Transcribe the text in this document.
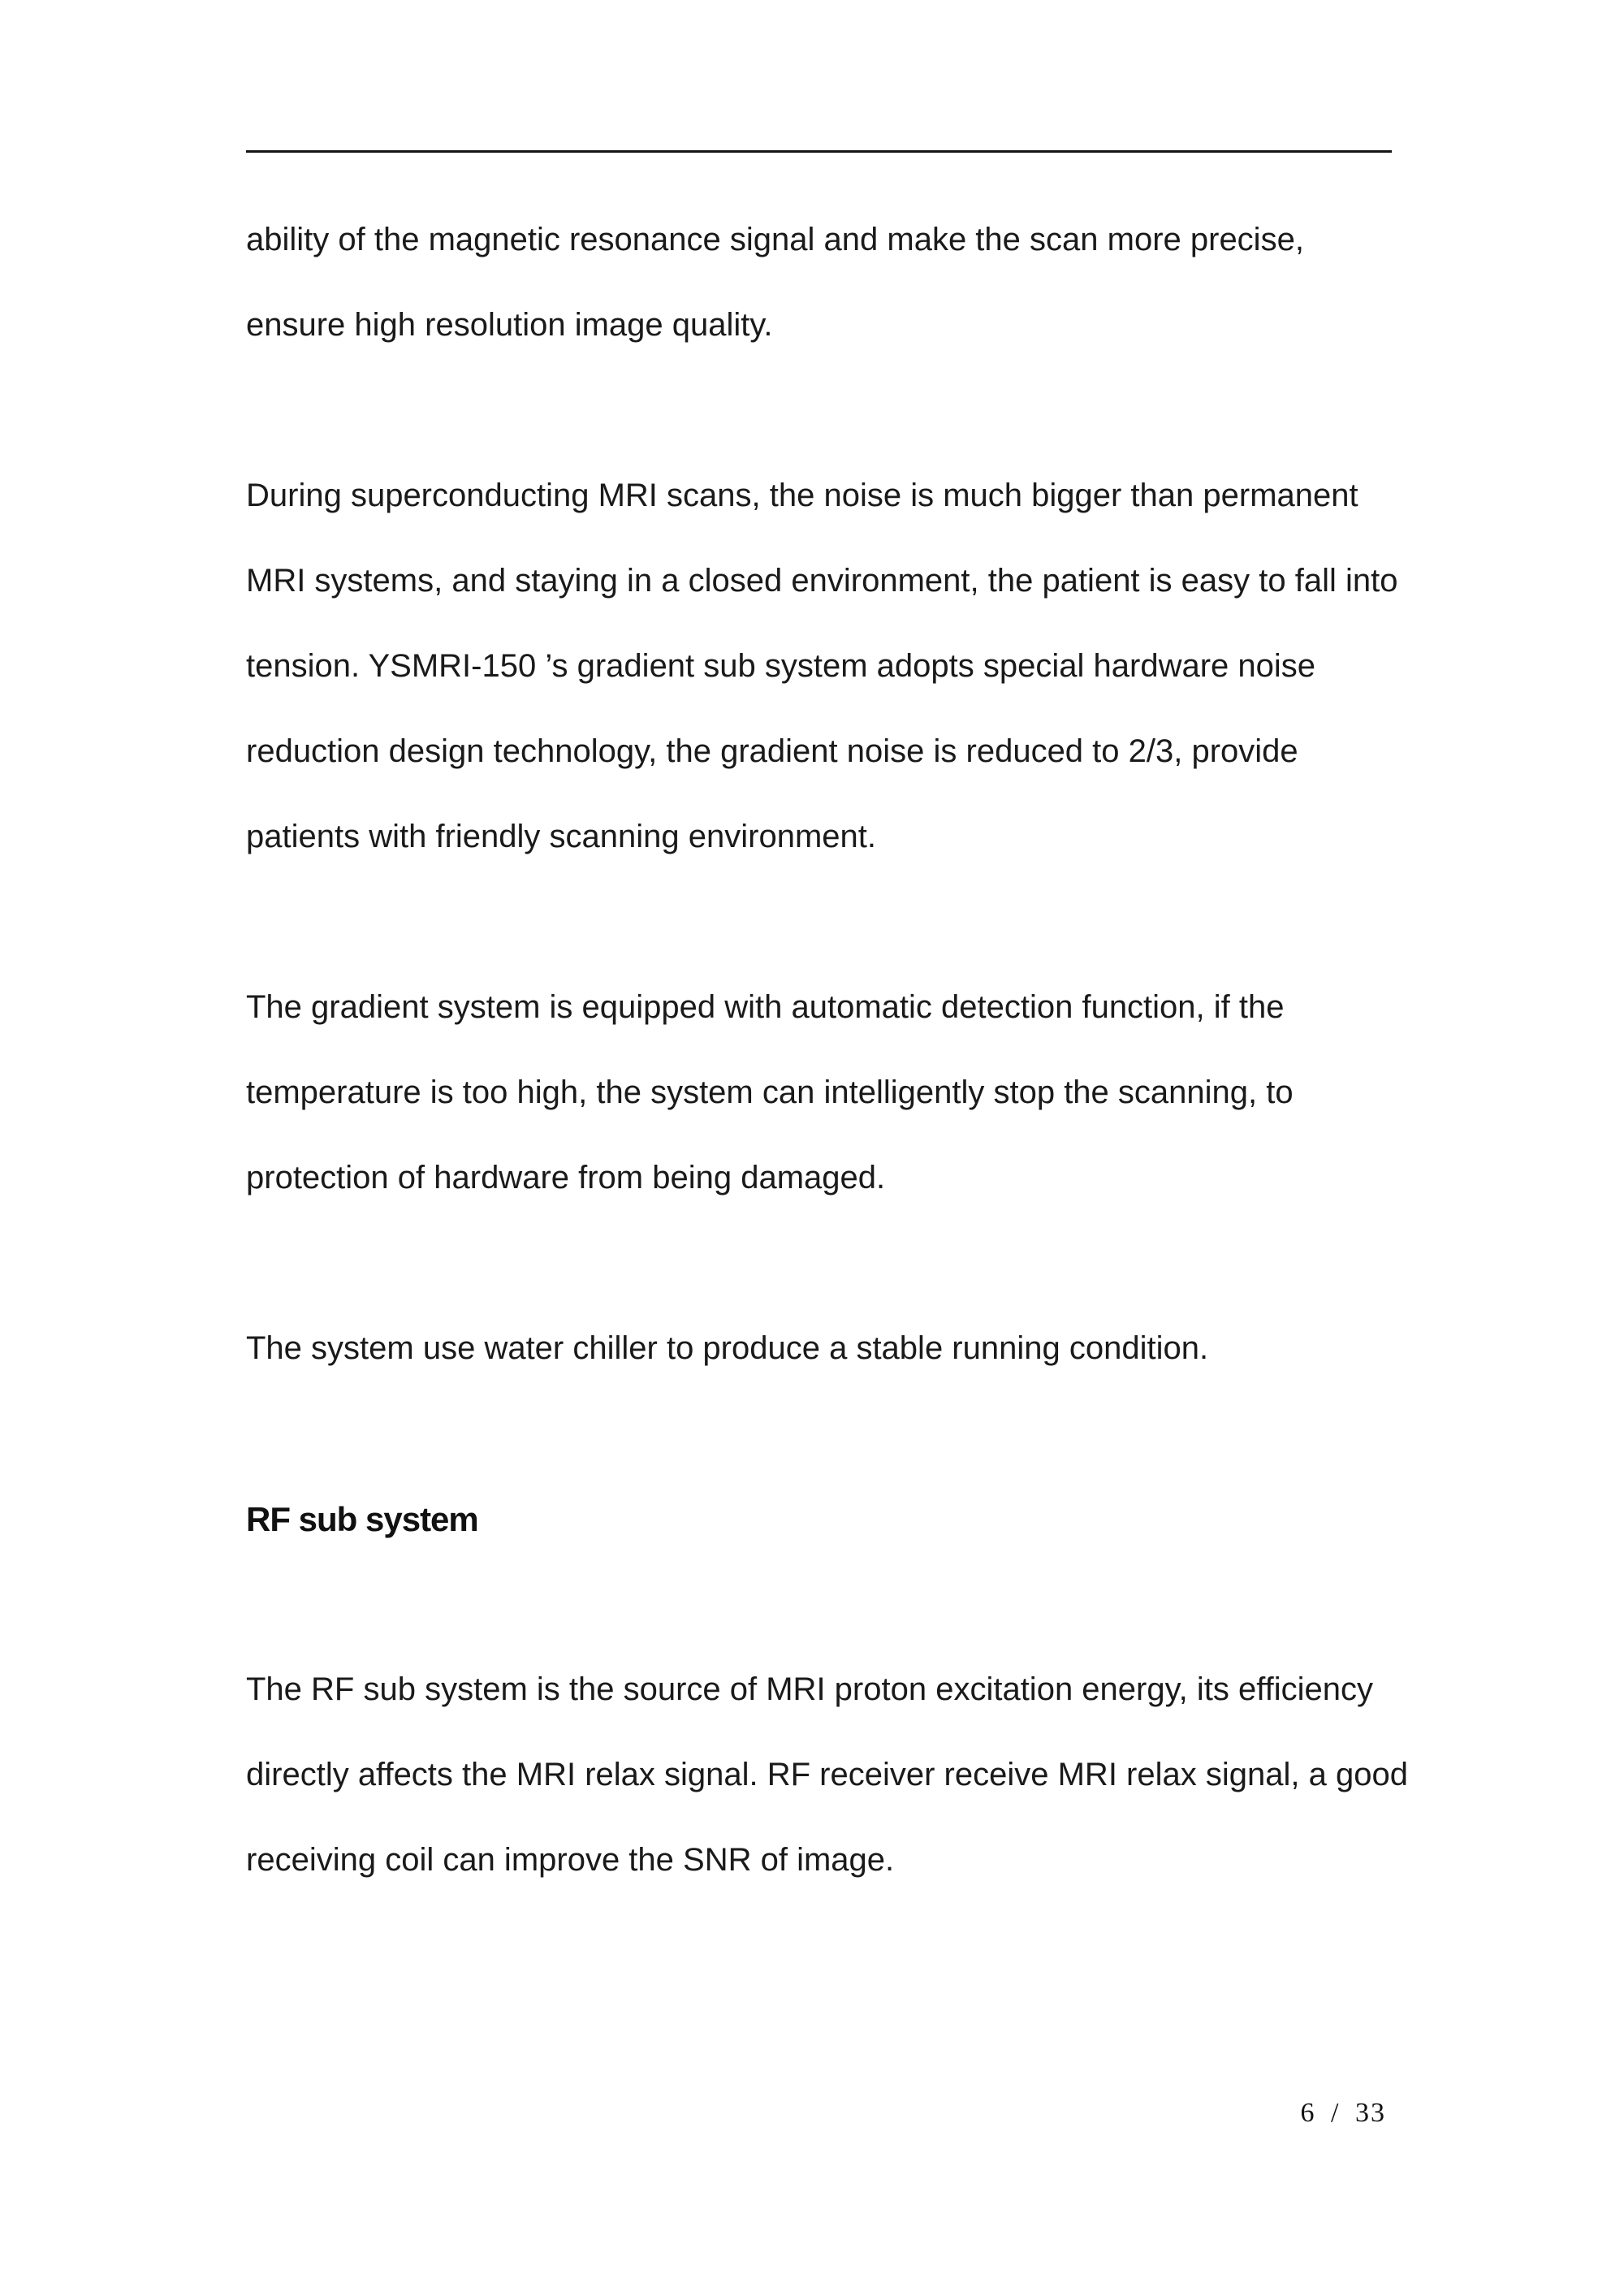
ability of the magnetic resonance signal and make the scan more precise,
ensure high resolution image quality.
During superconducting MRI scans, the noise is much bigger than permanent
MRI systems, and staying in a closed environment, the patient is easy to fall into
tension. YSMRI-150 ’s gradient sub system adopts special hardware noise
reduction design technology, the gradient noise is reduced to 2/3, provide
patients with friendly scanning environment.
The gradient system is equipped with automatic detection function, if the
temperature is too high, the system can intelligently stop the scanning, to
protection of hardware from being damaged.
The system use water chiller to produce a stable running condition.
RF sub system
The RF sub system is the source of MRI proton excitation energy, its efficiency
directly affects the MRI relax signal. RF receiver receive MRI relax signal, a good
receiving coil can improve the SNR of image.
6 / 33
